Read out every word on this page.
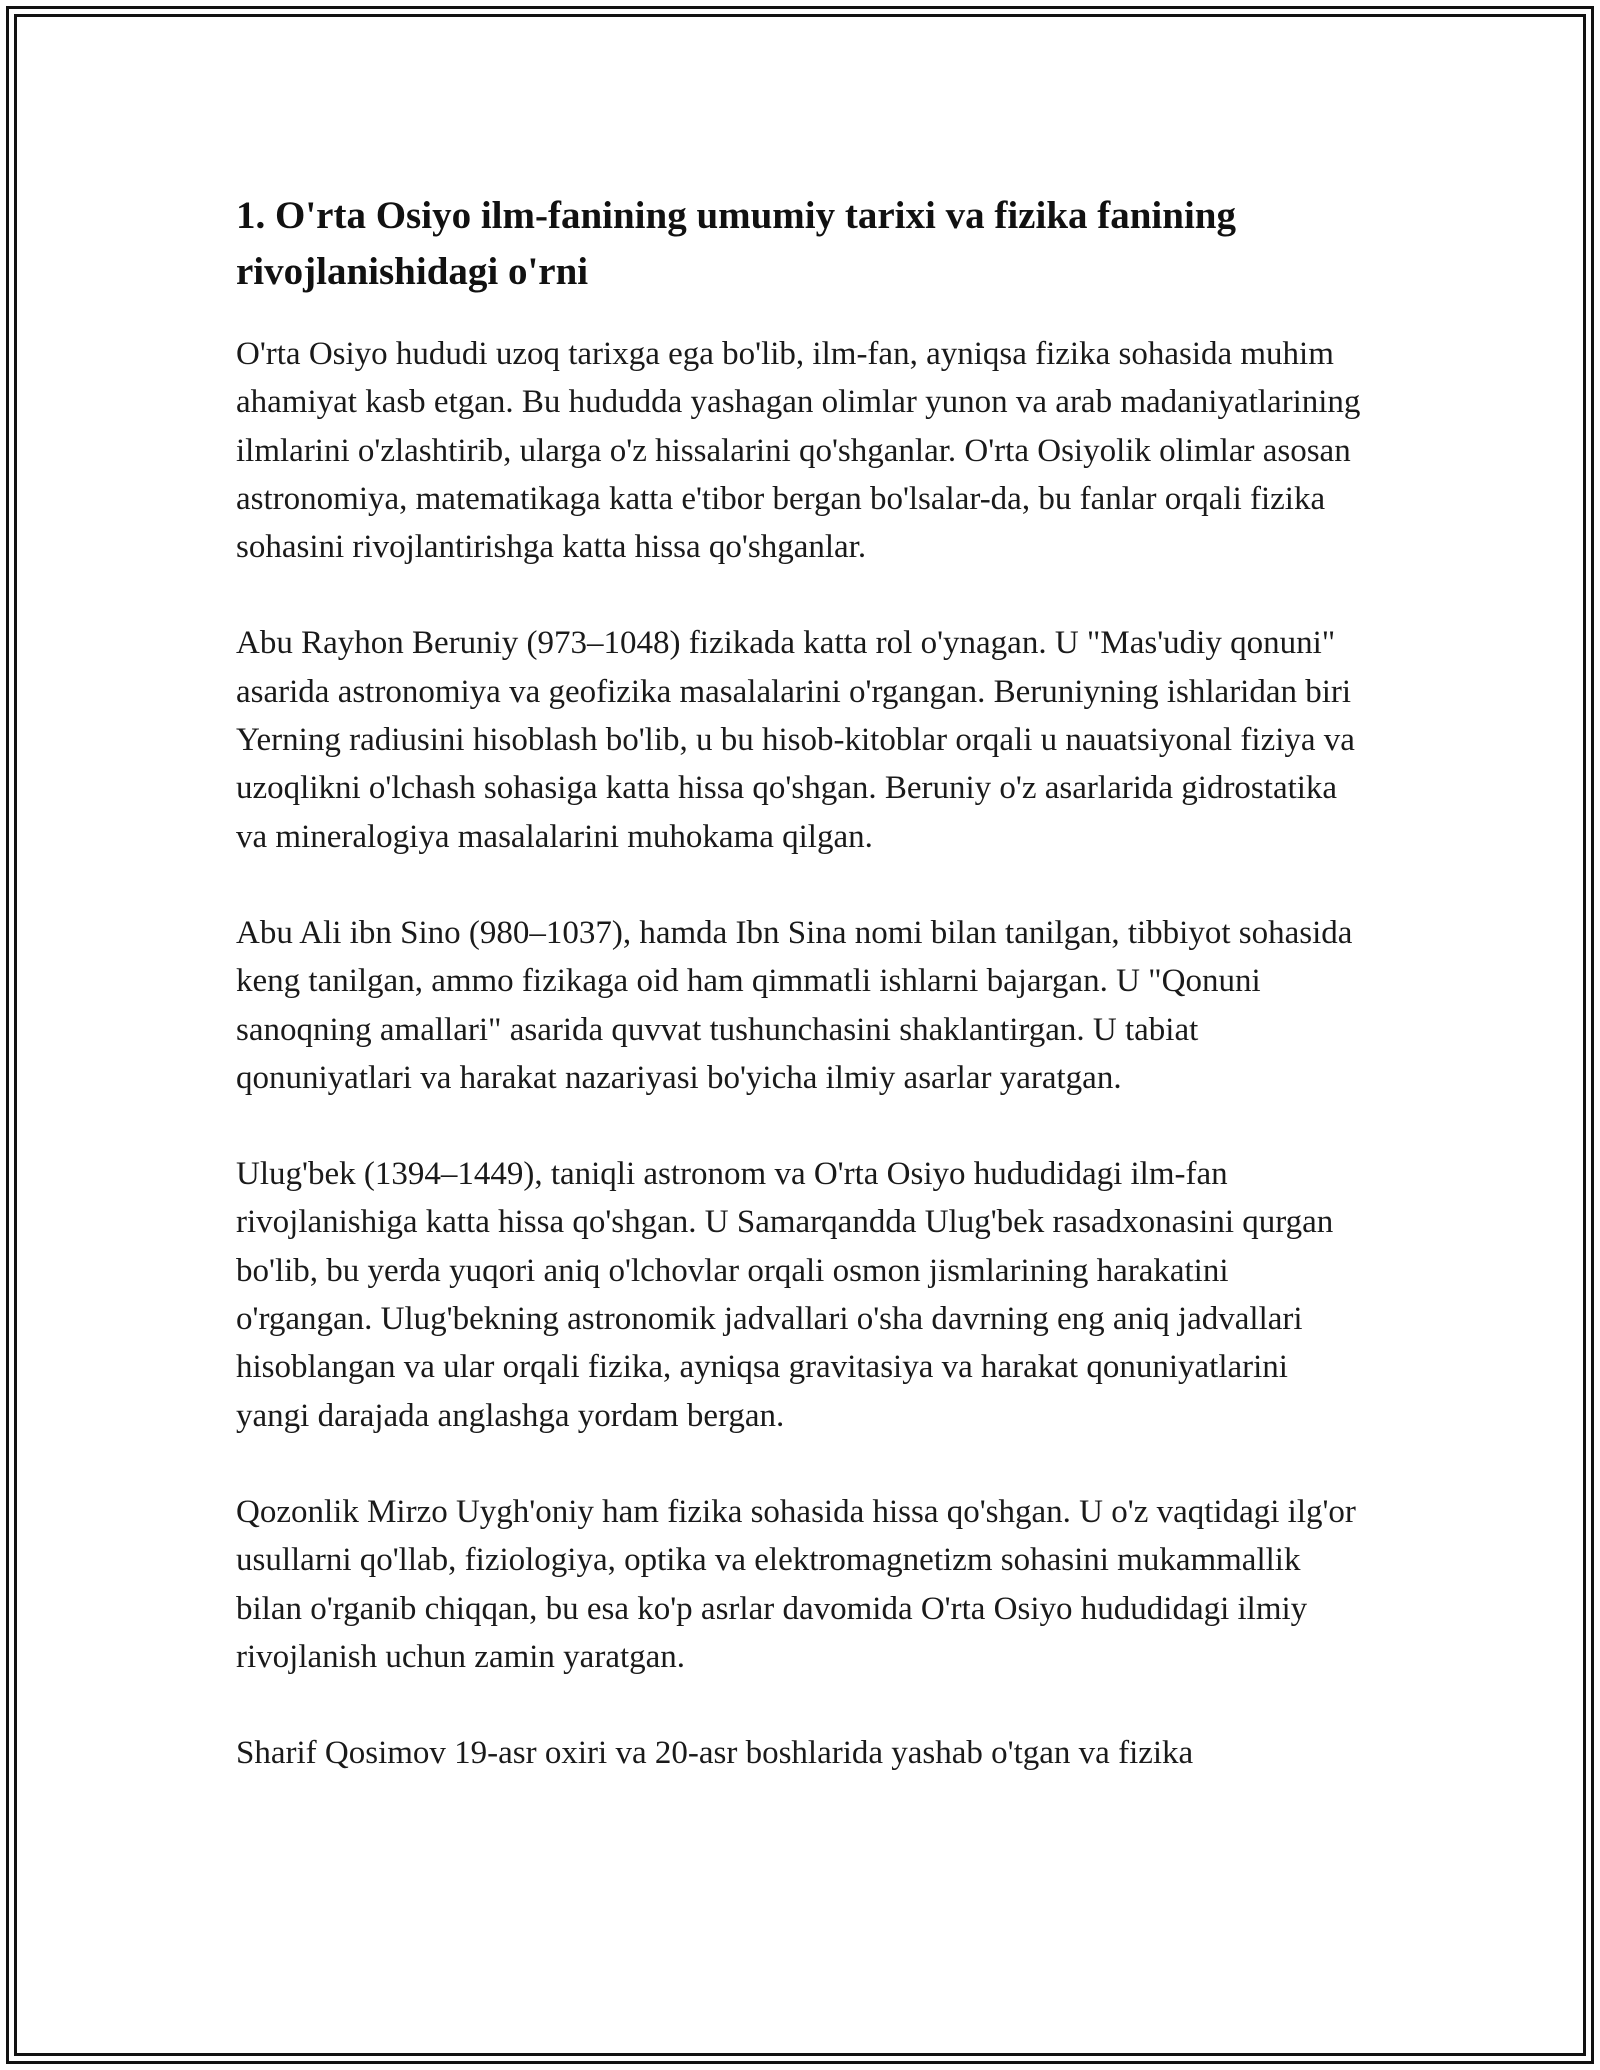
1. O'rta Osiyo ilm-fanining umumiy tarixi va fizika fanining rivojlanishidagi o'rni

O'rta Osiyo hududi uzoq tarixga ega bo'lib, ilm-fan, ayniqsa fizika sohasida muhim ahamiyat kasb etgan. Bu hududda yashagan olimlar yunon va arab madaniyatlarining ilmlarini o'zlashtirib, ularga o'z hissalarini qo'shganlar. O'rta Osiyolik olimlar asosan astronomiya, matematikaga katta e'tibor bergan bo'lsalar-da, bu fanlar orqali fizika sohasini rivojlantirishga katta hissa qo'shganlar.

Abu Rayhon Beruniy (973–1048) fizikada katta rol o'ynagan. U "Mas'udiy qonuni" asarida astronomiya va geofizika masalalarini o'rgangan. Beruniyning ishlaridan biri Yerning radiusini hisoblash bo'lib, u bu hisob-kitoblar orqali u nauatsiyonal fiziya va uzoqlikni o'lchash sohasiga katta hissa qo'shgan. Beruniy o'z asarlarida gidrostatika va mineralogiya masalalarini muhokama qilgan.

Abu Ali ibn Sino (980–1037), hamda Ibn Sina nomi bilan tanilgan, tibbiyot sohasida keng tanilgan, ammo fizikaga oid ham qimmatli ishlarni bajargan. U "Qonuni sanoqning amallari" asarida quvvat tushunchasini shaklantirgan. U tabiat qonuniyatlari va harakat nazariyasi bo'yicha ilmiy asarlar yaratgan.

Ulug'bek (1394–1449), taniqli astronom va O'rta Osiyo hududidagi ilm-fan rivojlanishiga katta hissa qo'shgan. U Samarqandda Ulug'bek rasadxonasini qurgan bo'lib, bu yerda yuqori aniq o'lchovlar orqali osmon jismlarining harakatini o'rgangan. Ulug'bekning astronomik jadvallari o'sha davrning eng aniq jadvallari hisoblangan va ular orqali fizika, ayniqsa gravitasiya va harakat qonuniyatlarini yangi darajada anglashga yordam bergan.

Qozonlik Mirzo Uygh'oniy ham fizika sohasida hissa qo'shgan. U o'z vaqtidagi ilg'or usullarni qo'llab, fiziologiya, optika va elektromagnetizm sohasini mukammallik bilan o'rganib chiqqan, bu esa ko'p asrlar davomida O'rta Osiyo hududidagi ilmiy rivojlanish uchun zamin yaratgan.

Sharif Qosimov 19-asr oxiri va 20-asr boshlarida yashab o'tgan va fizika
